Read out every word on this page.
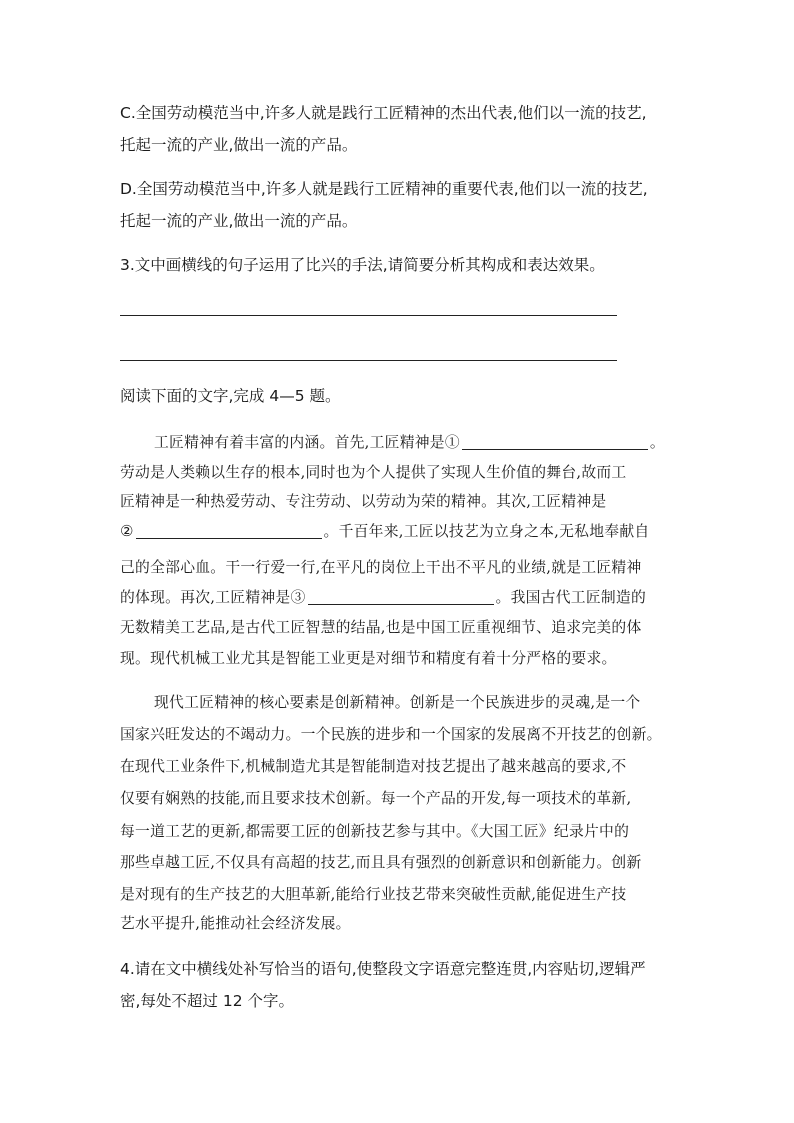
C.全国劳动模范当中,许多人就是践行工匠精神的杰出代表,他们以一流的技艺,
托起一流的产业,做出一流的产品。
D.全国劳动模范当中,许多人就是践行工匠精神的重要代表,他们以一流的技艺,
托起一流的产业,做出一流的产品。
3.文中画横线的句子运用了比兴的手法,请简要分析其构成和表达效果。
阅读下面的文字,完成 4—5 题。
工匠精神有着丰富的内涵。首先,工匠精神是①	。
劳动是人类赖以生存的根本,同时也为个人提供了实现人生价值的舞台,故而工
匠精神是一种热爱劳动、专注劳动、以劳动为荣的精神。其次,工匠精神是
②	。千百年来,工匠以技艺为立身之本,无私地奉献自
己的全部心血。干一行爱一行,在平凡的岗位上干出不平凡的业绩,就是工匠精神
的体现。再次,工匠精神是③	。我国古代工匠制造的
无数精美工艺品,是古代工匠智慧的结晶,也是中国工匠重视细节、追求完美的体
现。现代机械工业尤其是智能工业更是对细节和精度有着十分严格的要求。
现代工匠精神的核心要素是创新精神。创新是一个民族进步的灵魂,是一个
国家兴旺发达的不竭动力。一个民族的进步和一个国家的发展离不开技艺的创新。
在现代工业条件下,机械制造尤其是智能制造对技艺提出了越来越高的要求,不
仅要有娴熟的技能,而且要求技术创新。每一个产品的开发,每一项技术的革新,
每一道工艺的更新,都需要工匠的创新技艺参与其中。《大国工匠》纪录片中的
那些卓越工匠,不仅具有高超的技艺,而且具有强烈的创新意识和创新能力。创新
是对现有的生产技艺的大胆革新,能给行业技艺带来突破性贡献,能促进生产技
艺水平提升,能推动社会经济发展。
4.请在文中横线处补写恰当的语句,使整段文字语意完整连贯,内容贴切,逻辑严
密,每处不超过 12 个字。
